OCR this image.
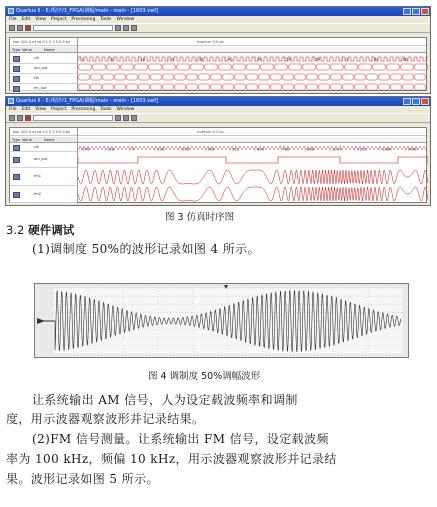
Quartus II - E:/程序/1_FPGA/调幅/main - main - [1603.vwf]
File Edit View Project Processing Tools Window
top: 201.0 ns ps 0 1 0 1 0 0.0 ps	Interval: 0.0 ps
Type Value	Name
0	8	16	24	32	40	48	56	64	72	80	88
clk
am_out
fsk
fm_out
Quartus II - E:/程序/1_FPGA/调幅/main - main - [1603.vwf]
File Edit View Project Processing Tools Window
top: 201.0 ns ps 0 1 0 1 0 0.0 ps	Interval: 0.0 ps
Type Value	Name
256	128	0	128	256	384	512	640	768	896	1024	1152	1280	1408
clk
am_out
fm1
fm2
图 3 仿真时序图
3.2 硬件调试
(1)调制度 50%的波形记录如图 4 所示。
图 4 调制度 50%调幅波形
让系统输出 AM 信号，人为设定载波频率和调制
度，用示波器观察波形并记录结果。
(2)FM 信号测量。让系统输出 FM 信号，设定载波频
率为 100 kHz，频偏 10 kHz，用示波器观察波形并记录结
果。波形记录如图 5 所示。
